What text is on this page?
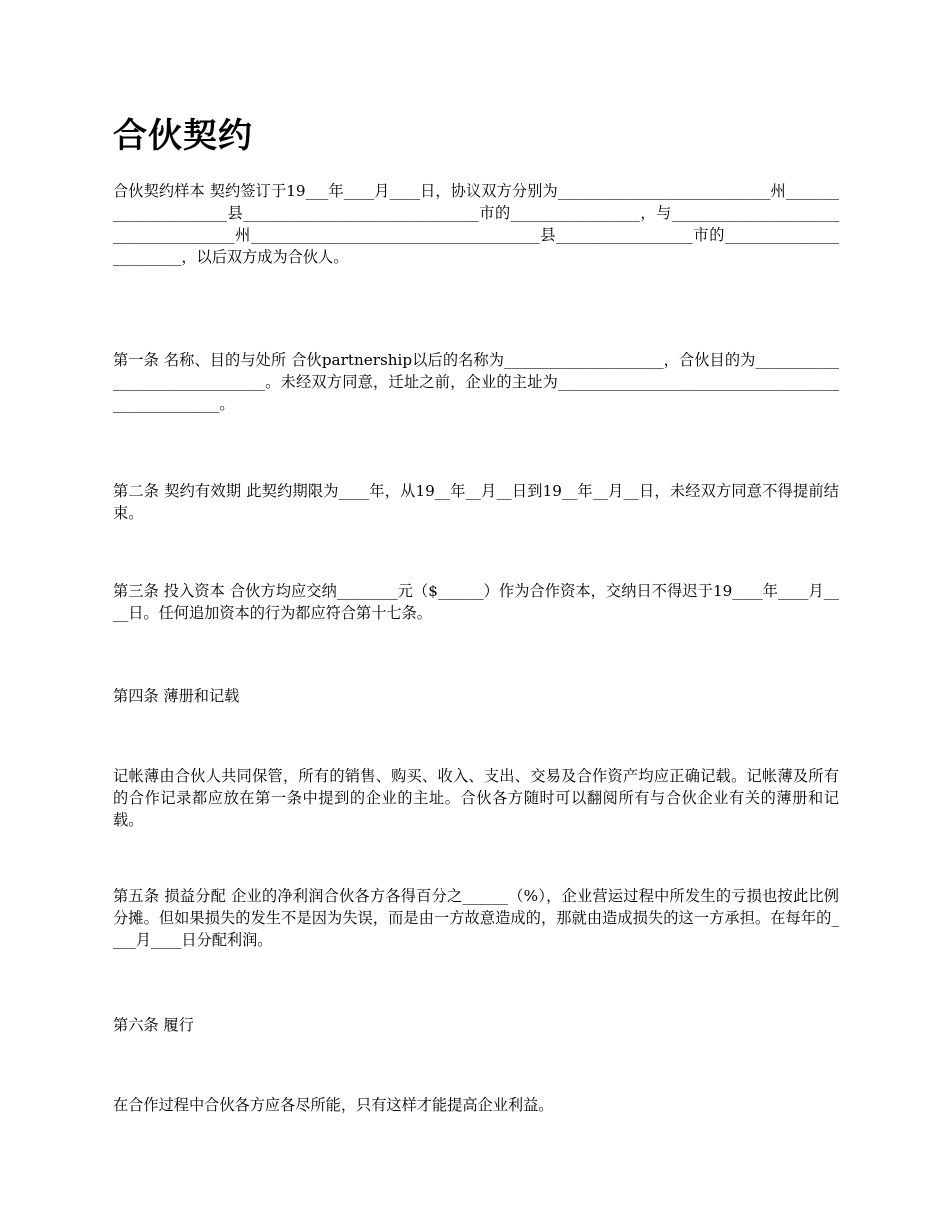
合伙契约

合伙契约样本 契约签订于19___年____月____日，协议双方分别为____________________________州______________________县_______________________________市的_________________，与______________________________________州______________________________________县__________________市的________________________，以后双方成为合伙人。

第一条 名称、目的与处所 合伙partnership以后的名称为_____________________，合伙目的为_______________________________。未经双方同意，迁址之前，企业的主址为___________________________________________________。

第二条 契约有效期 此契约期限为____年，从19__年__月__日到19__年__月__日，未经双方同意不得提前结束。

第三条 投入资本 合伙方均应交纳________元（$______）作为合作资本，交纳日不得迟于19____年____月____日。任何追加资本的行为都应符合第十七条。

第四条 薄册和记载

记帐薄由合伙人共同保管，所有的销售、购买、收入、支出、交易及合作资产均应正确记载。记帐薄及所有的合作记录都应放在第一条中提到的企业的主址。合伙各方随时可以翻阅所有与合伙企业有关的薄册和记载。

第五条 损益分配 企业的净利润合伙各方各得百分之______（%），企业营运过程中所发生的亏损也按此比例分摊。但如果损失的发生不是因为失误，而是由一方故意造成的，那就由造成损失的这一方承担。在每年的____月____日分配利润。

第六条 履行

在合作过程中合伙各方应各尽所能，只有这样才能提高企业利益。
